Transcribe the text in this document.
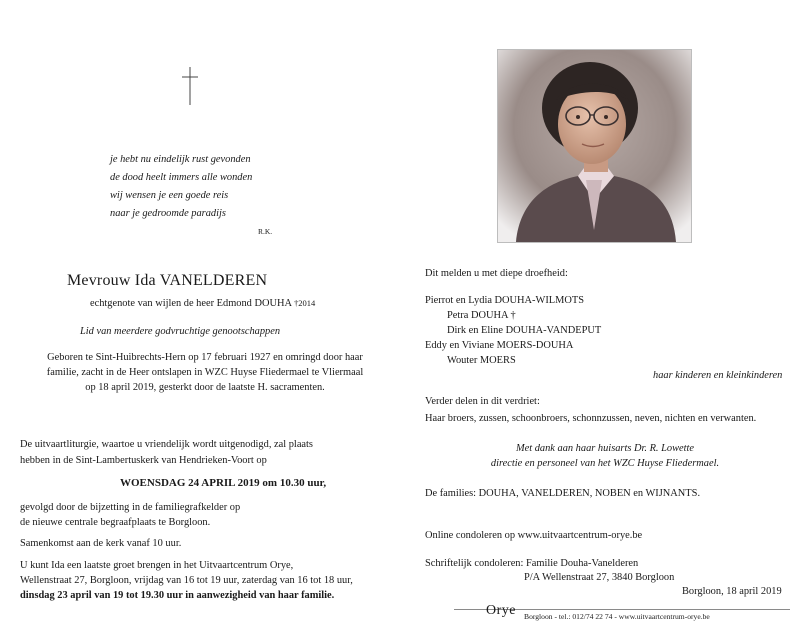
je hebt nu eindelijk rust gevonden
de dood heelt immers alle wonden
wij wensen je een goede reis
naar je gedroomde paradijs
R.K.
Mevrouw Ida VANELDEREN
echtgenote van wijlen de heer Edmond DOUHA †2014
Lid van meerdere godvruchtige genootschappen
Geboren te Sint-Huibrechts-Hern op 17 februari 1927 en omringd door haar
familie, zacht in de Heer ontslapen in WZC Huyse Fliedermael te Vliermaal
op 18 april 2019, gesterkt door de laatste H. sacramenten.
De uitvaartliturgie, waartoe u vriendelijk wordt uitgenodigd, zal plaats
hebben in de Sint-Lambertuskerk van Hendrieken-Voort op
WOENSDAG 24 APRIL 2019 om 10.30 uur,
gevolgd door de bijzetting in de familiegrafkelder op
de nieuwe centrale begraafplaats te Borgloon.
Samenkomst aan de kerk vanaf 10 uur.
U kunt Ida een laatste groet brengen in het Uitvaartcentrum Orye,
Wellenstraat 27, Borgloon, vrijdag van 16 tot 19 uur, zaterdag van 16 tot 18 uur,
dinsdag 23 april van 19 tot 19.30 uur in aanwezigheid van haar familie.
Dit melden u met diepe droefheid:
Pierrot en Lydia DOUHA-WILMOTS
Petra DOUHA †
Dirk en Eline DOUHA-VANDEPUT
Eddy en Viviane MOERS-DOUHA
Wouter MOERS
haar kinderen en kleinkinderen
Verder delen in dit verdriet:
Haar broers, zussen, schoonbroers, schonnzussen, neven, nichten en verwanten.
Met dank aan haar huisarts Dr. R. Lowette
directie en personeel van het WZC Huyse Fliedermael.
De families: DOUHA, VANELDEREN, NOBEN en WIJNANTS.
Online condoleren op www.uitvaartcentrum-orye.be
Schriftelijk condoleren: Familie Douha-Vanelderen
P/A Wellenstraat 27, 3840 Borgloon
Borgloon, 18 april 2019
Orye Borgloon - tel.: 012/74 22 74 - www.uitvaartcentrum-orye.be
